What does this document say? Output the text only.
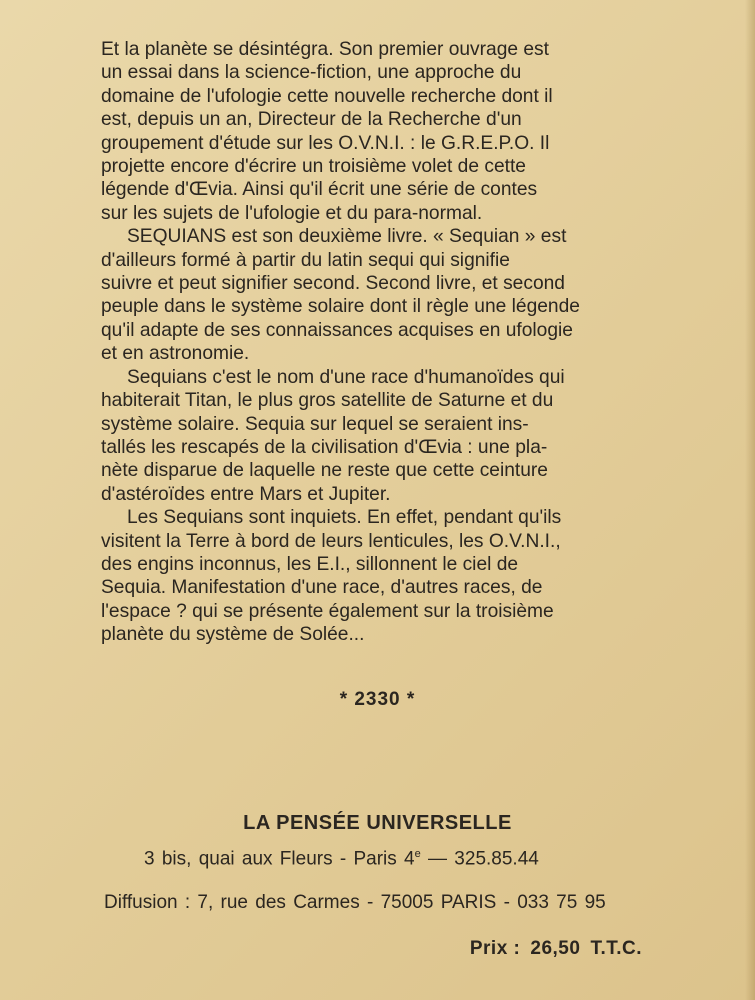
Et la planète se désintégra. Son premier ouvrage est
un essai dans la science-fiction, une approche du
domaine de l'ufologie cette nouvelle recherche dont il
est, depuis un an, Directeur de la Recherche d'un
groupement d'étude sur les O.V.N.I. : le G.R.E.P.O. Il
projette encore d'écrire un troisième volet de cette
légende d'Œvia. Ainsi qu'il écrit une série de contes
sur les sujets de l'ufologie et du para-normal.

SEQUIANS est son deuxième livre. « Sequian » est
d'ailleurs formé à partir du latin sequi qui signifie
suivre et peut signifier second. Second livre, et second
peuple dans le système solaire dont il règle une légende
qu'il adapte de ses connaissances acquises en ufologie
et en astronomie.

Sequians c'est le nom d'une race d'humanoïdes qui
habiterait Titan, le plus gros satellite de Saturne et du
système solaire. Sequia sur lequel se seraient ins-
tallés les rescapés de la civilisation d'Œvia : une pla-
nète disparue de laquelle ne reste que cette ceinture
d'astéroïdes entre Mars et Jupiter.

Les Sequians sont inquiets. En effet, pendant qu'ils
visitent la Terre à bord de leurs lenticules, les O.V.N.I.,
des engins inconnus, les E.I., sillonnent le ciel de
Sequia. Manifestation d'une race, d'autres races, de
l'espace ? qui se présente également sur la troisième
planète du système de Solée...

* 2330 *
LA PENSÉE UNIVERSELLE
3 bis, quai aux Fleurs - Paris 4e — 325.85.44
Diffusion : 7, rue des Carmes - 75005 PARIS - 033 75 95
Prix : 26,50 T.T.C.
